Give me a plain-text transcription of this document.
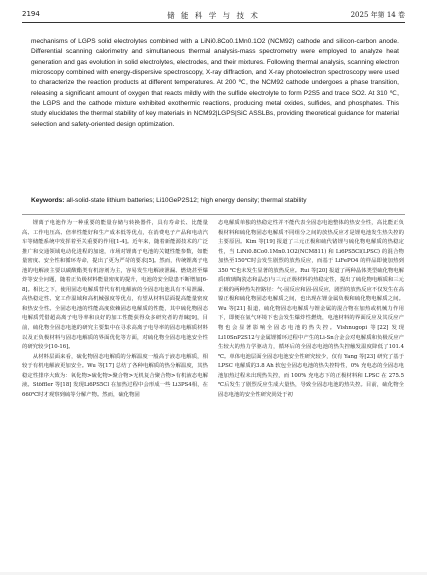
2194	储 能 科 学 与 技 术	2025 年第 14 卷

mechanisms of LGPS solid electrolytes combined with a LiNi0.8Co0.1Mn0.1O2 (NCM92) cathode and silicon-carbon anode. Differential scanning calorimetry and simultaneous thermal analysis-mass spectrometry were employed to analyze heat generation and gas evolution in solid electrolytes, electrodes, and their mixtures. Following thermal analysis, scanning electron microscopy combined with energy-dispersive spectroscopy, X-ray diffraction, and X-ray photoelectron spectroscopy were used to characterize the reaction products at different temperatures. At 200 ℃, the NCM92 cathode undergoes a phase transition, releasing a significant amount of oxygen that reacts mildly with the sulfide electrolyte to form P2S5 and trace SO2. At 310 ℃, the LGPS and the cathode mixture exhibited exothermic reactions, producing metal oxides, sulfides, and phosphates. This study elucidates the thermal stability of key materials in NCM92|LGPS|SiC ASSLBs, providing theoretical guidance for material selection and safety-oriented design optimization.

Keywords: all-solid-state lithium batteries; Li10GeP2S12; high energy density; thermal stability

锂离子电池作为一种重要的能量存储与转换器件，具有寿命长、比能量高、工作电压高、倍率性能好和生产成本低等优点，在消费电子产品和电动汽车等储能系统中发挥着至关重要的作用[1-4]。近年来，随着新能源技术的广泛推广和交通领域电动化进程的加速，市场对锂离子电池的关键性能参数，如能量密度、安全性和循环寿命，提出了更为严苛的要求[5]。然而，传统锂离子电池的电解液主要以碳酸酯类有机溶剂为主，容易发生电解液泄漏、燃烧甚至爆炸等安全问题，随着正负极材料能量密度的提升，电池的安全隐患不断增加[6-8]。相比之下，使用固态电解质替代有机电解液的全固态电池具有不易泄漏、高热稳定性、宽工作温域和高机械强度等优点，有望从材料层面提高能量密度和热安全性。全固态电池的性能高度依赖固态电解质的性能，其中硫化物固态电解质凭借超高离子电导率和良好的加工性能获得众多研究者的青睐[9]，目前，硫化物全固态电池的研究主要集中在寻求高离子电导率的固态电解质材料以及正负极材料与固态电解质的界面优化等方面，对硫化物全固态电池安全性的研究较少[10-16]。

从材料层面来看，硫化物固态电解质的分解温度一般高于液态电解质，相较于有机电解液更加安全。Wu 等[17] 总结了各种电解质的热分解温度，其热稳定性排序大致为：氧化物>硫化物>聚合物>无机复合聚合物>有机液态电解液。Stöffler 等[18] 发现Li6PS5Cl 在加热过程中会形成一些 Li3PS4相，在660℃时才观察到硫等分解产物。然而，硫化物固

态电解质单独的热稳定性并不能代表全固态电池整体的热安全性，高比能正负极材料和硫化物固态电解质不同组分之间的放热反应才是锂电池发生热失控的主要原因。Kim 等[19] 报道了三元正极和硫代锗锂与硫化物电解质的热稳定性，当 LiNi0.8Co0.1Mn0.1O2(NCM811) 和 Li6PS5Cl(LPSC) 的混合物加热至150℃时会发生剧烈的放热反应，而基于 LiFePO4 的样品即使加热到 350 ℃也未发生显著的放热反应。Rui 等[20] 报道了两种晶体类型硫化物电解质(玻璃陶瓷态和晶态)与三元正极材料的热稳定性，提出了硫化物电解质和三元正极的两种热失控路径：气-固反应和固-固反应，剧烈的放热反应不仅发生在高镍正极和硫化物固态电解质之间，也出现在锂金属负极和硫化物电解质之间。Wu 等[21] 报道，硫化物固态电解质与锂金属的混合物在加热或机械力作用下，即便在氩气环境下也会发生爆炸性燃烧，电池材料的界面反应及其反应产物也会显著影响全固态电池的热失控。Vishnugopi 等[22] 发现Li10SnP2S12与金属锂循环过程中产生的Li-Sn合金会对电解质和负极反应产生较大的热力学驱动力，循环后的全固态电池的热失控触发温度降低了101.4 ℃。单体电池层面全固态电池安全性研究较少，仅有 Yang 等[23] 研究了基于 LPSC 电解质的3.8 Ah 软包全固态电池的热失控特性，0% 充电态的全固态电池加热过程未出现热失控，而 100% 充电态下的正极材料和 LPSC 在 275.5 ℃后发生了剧烈反应生成大量热，导致全固态电池的热失控。目前，硫化物全固态电池的安全性研究尚处于初
